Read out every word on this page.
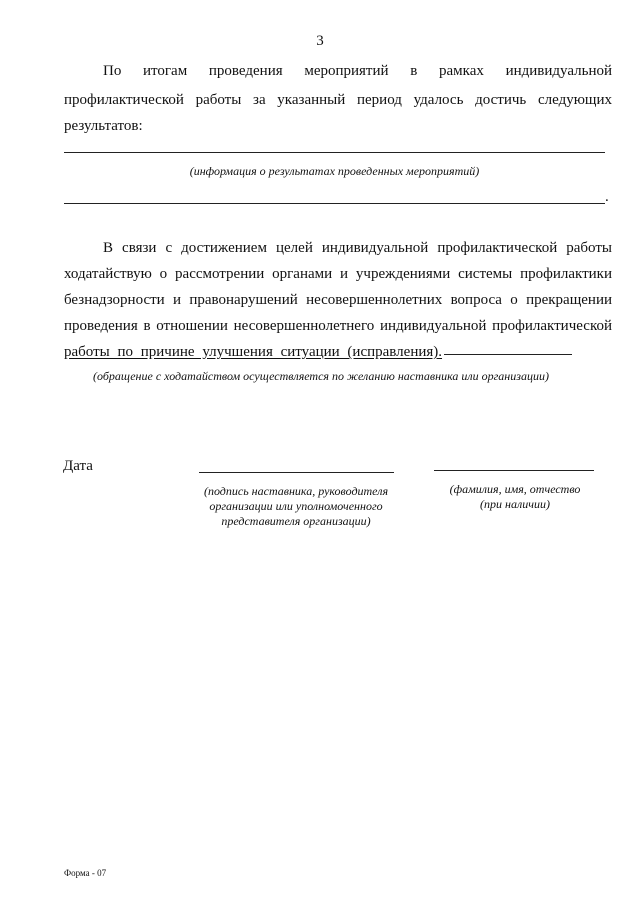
3
По итогам проведения мероприятий в рамках индивидуальной
профилактической работы за указанный период удалось достичь следующих
результатов:
(информация о результатах проведенных мероприятий)
.
В связи с достижением целей индивидуальной профилактической работы
ходатайствую о рассмотрении органами и учреждениями системы профилактики
безнадзорности и правонарушений несовершеннолетних вопроса о прекращении
проведения в отношении несовершеннолетнего индивидуальной профилактической
работы по причине улучшения ситуации (исправления).
(обращение с ходатайством осуществляется по желанию наставника или организации)
Дата
(подпись наставника, руководителя
организации или уполномоченного
представителя организации)
(фамилия, имя, отчество
(при наличии)
Форма - 07
